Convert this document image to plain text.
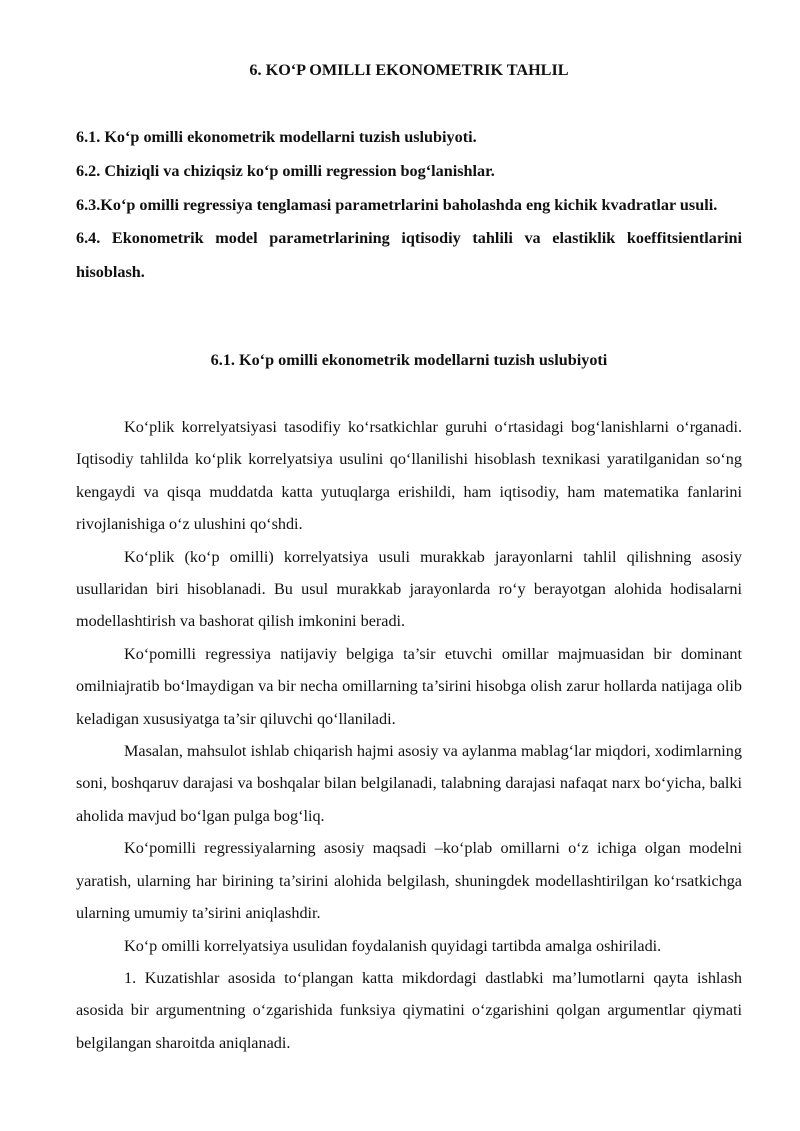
6. KO‘P OMILLI EKONOMETRIK TAHLIL

6.1. Ko‘p omilli ekonometrik modellarni tuzish uslubiyoti.

6.2. Chiziqli va chiziqsiz ko‘p omilli regression bog‘lanishlar.

6.3.Ko‘p omilli regressiya tenglamasi parametrlarini baholashda eng kichik kvadratlar usuli.

6.4. Ekonometrik model parametrlarining iqtisodiy tahlili va elastiklik koeffitsientlarini hisoblash.

6.1. Ko‘p omilli ekonometrik modellarni tuzish uslubiyoti

Ko‘plik korrelyatsiyasi tasodifiy ko‘rsatkichlar guruhi o‘rtasidagi bog‘lanishlarni o‘rganadi. Iqtisodiy tahlilda ko‘plik korrelyatsiya usulini qo‘llanilishi hisoblash texnikasi yaratilganidan so‘ng kengaydi va qisqa muddatda katta yutuqlarga erishildi, ham iqtisodiy, ham matematika fanlarini rivojlanishiga o‘z ulushini qo‘shdi.

Ko‘plik (ko‘p omilli) korrelyatsiya usuli murakkab jarayonlarni tahlil qilishning asosiy usullaridan biri hisoblanadi. Bu usul murakkab jarayonlarda ro‘y berayotgan alohida hodisalarni modellashtirish va bashorat qilish imkonini beradi.

Ko‘pomilli regressiya natijaviy belgiga ta’sir etuvchi omillar majmuasidan bir dominant omilniajratib bo‘lmaydigan va bir necha omillarning ta’sirini hisobga olish zarur hollarda natijaga olib keladigan xususiyatga ta’sir qiluvchi qo‘llaniladi.

Masalan, mahsulot ishlab chiqarish hajmi asosiy va aylanma mablag‘lar miqdori, xodimlarning soni, boshqaruv darajasi va boshqalar bilan belgilanadi, talabning darajasi nafaqat narx bo‘yicha, balki aholida mavjud bo‘lgan pulga bog‘liq.

Ko‘pomilli regressiyalarning asosiy maqsadi –ko‘plab omillarni o‘z ichiga olgan modelni yaratish, ularning har birining ta’sirini alohida belgilash, shuningdek modellashtirilgan ko‘rsatkichga ularning umumiy ta’sirini aniqlashdir.

Ko‘p omilli korrelyatsiya usulidan foydalanish quyidagi tartibda amalga oshiriladi.

1. Kuzatishlar asosida to‘plangan katta mikdordagi dastlabki ma’lumotlarni qayta ishlash asosida bir argumentning o‘zgarishida funksiya qiymatini o‘zgarishini qolgan argumentlar qiymati belgilangan sharoitda aniqlanadi.
